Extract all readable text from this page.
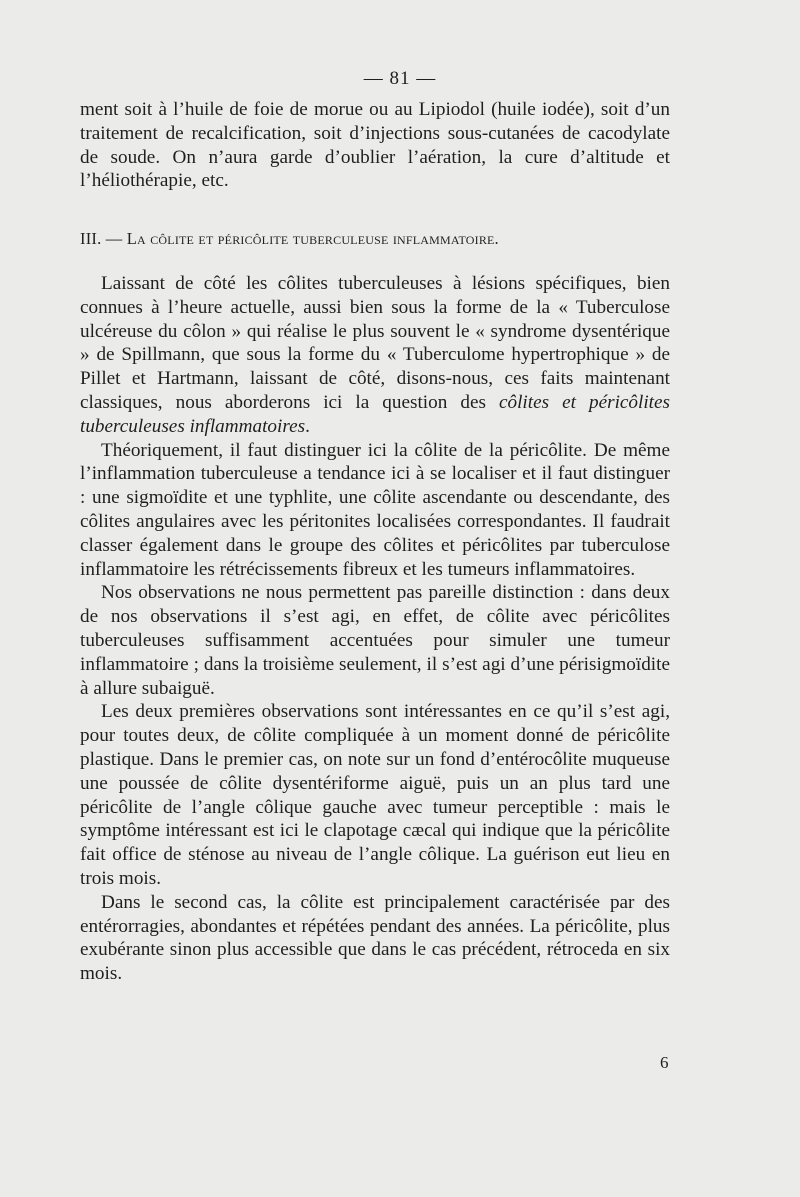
— 81 —

ment soit à l’huile de foie de morue ou au Lipiodol (huile iodée), soit d’un traitement de recalcification, soit d’injections sous-cutanées de cacodylate de soude. On n’aura garde d’oublier l’aération, la cure d’altitude et l’héliothérapie, etc.

III. — La côlite et péricôlite tuberculeuse inflammatoire.

Laissant de côté les côlites tuberculeuses à lésions spécifiques, bien connues à l’heure actuelle, aussi bien sous la forme de la « Tuberculose ulcéreuse du côlon » qui réalise le plus souvent le « syndrome dysentérique » de Spillmann, que sous la forme du « Tuberculome hypertrophique » de Pillet et Hartmann, laissant de côté, disons-nous, ces faits maintenant classiques, nous aborderons ici la question des côlites et péricôlites tuberculeuses inflammatoires.

Théoriquement, il faut distinguer ici la côlite de la péricôlite. De même l’inflammation tuberculeuse a tendance ici à se localiser et il faut distinguer : une sigmoïdite et une typhlite, une côlite ascendante ou descendante, des côlites angulaires avec les péritonites localisées correspondantes. Il faudrait classer également dans le groupe des côlites et péricôlites par tuberculose inflammatoire les rétrécissements fibreux et les tumeurs inflammatoires.

Nos observations ne nous permettent pas pareille distinction : dans deux de nos observations il s’est agi, en effet, de côlite avec péricôlites tuberculeuses suffisamment accentuées pour simuler une tumeur inflammatoire ; dans la troisième seulement, il s’est agi d’une périsigmoïdite à allure subaiguë.

Les deux premières observations sont intéressantes en ce qu’il s’est agi, pour toutes deux, de côlite compliquée à un moment donné de péricôlite plastique. Dans le premier cas, on note sur un fond d’entérocôlite muqueuse une poussée de côlite dysentériforme aiguë, puis un an plus tard une péricôlite de l’angle côlique gauche avec tumeur perceptible : mais le symptôme intéressant est ici le clapotage cæcal qui indique que la péricôlite fait office de sténose au niveau de l’angle côlique. La guérison eut lieu en trois mois.

Dans le second cas, la côlite est principalement caractérisée par des entérorragies, abondantes et répétées pendant des années. La péricôlite, plus exubérante sinon plus accessible que dans le cas précédent, rétroceda en six mois.

6
